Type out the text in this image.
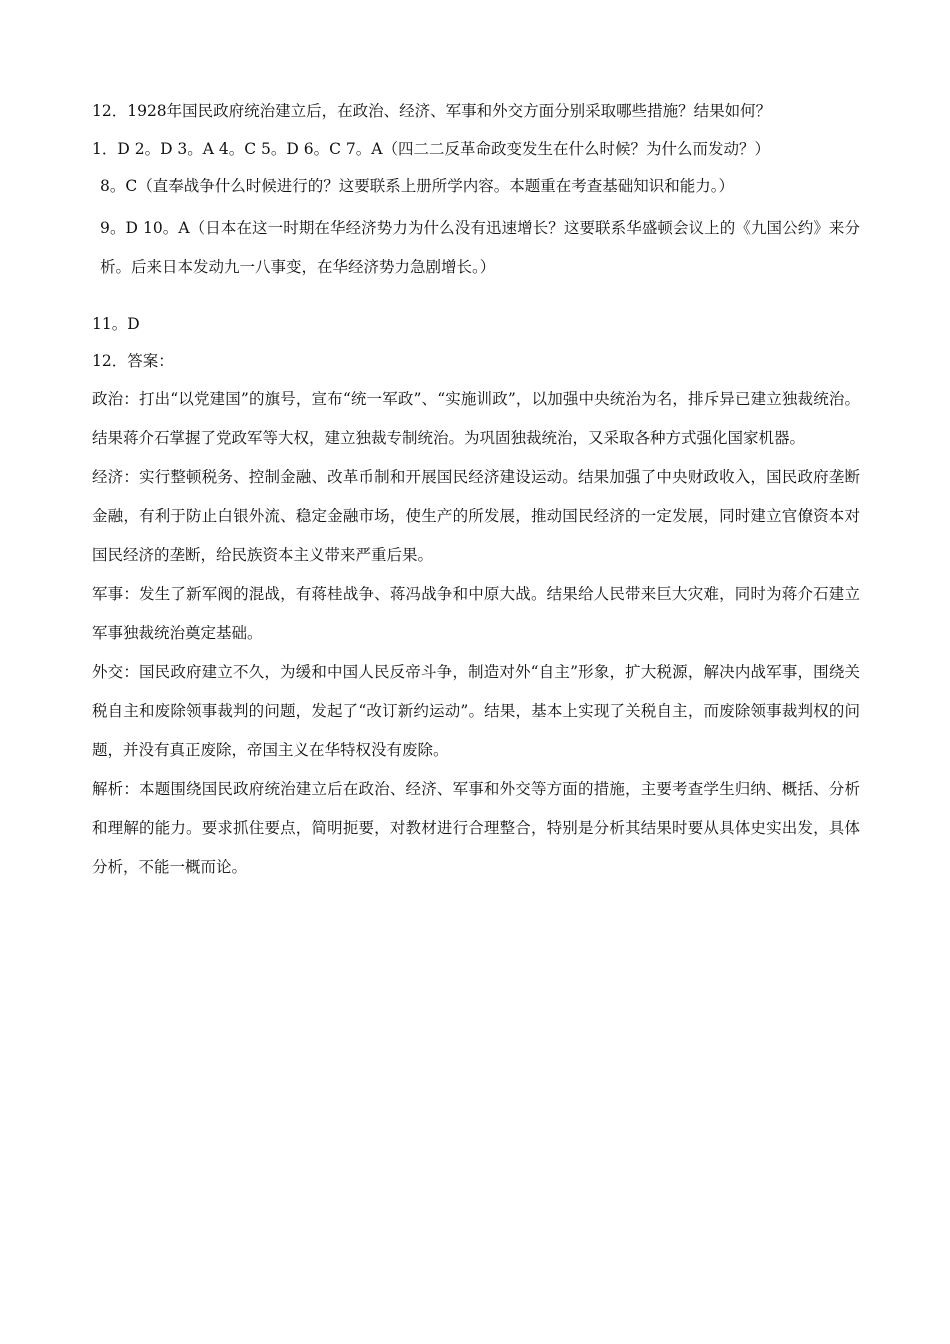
12．1928年国民政府统治建立后，在政治、经济、军事和外交方面分别采取哪些措施？结果如何？
1．D 2。D 3。A 4。C 5。D 6。C 7。A（四二二反革命政变发生在什么时候？为什么而发动？）
8。C（直奉战争什么时候进行的？这要联系上册所学内容。本题重在考查基础知识和能力。）
9。D 10。A（日本在这一时期在华经济势力为什么没有迅速增长？这要联系华盛顿会议上的《九国公约》来分析。后来日本发动九一八事变，在华经济势力急剧增长。）
11。D
12．答案：
政治：打出“以党建国”的旗号，宣布“统一军政”、“实施训政”，以加强中央统治为名，排斥异已建立独裁统治。结果蒋介石掌握了党政军等大权，建立独裁专制统治。为巩固独裁统治，又采取各种方式强化国家机器。
经济：实行整顿税务、控制金融、改革币制和开展国民经济建设运动。结果加强了中央财政收入，国民政府垄断金融，有利于防止白银外流、稳定金融市场，使生产的所发展，推动国民经济的一定发展，同时建立官僚资本对国民经济的垄断，给民族资本主义带来严重后果。
军事：发生了新军阀的混战，有蒋桂战争、蒋冯战争和中原大战。结果给人民带来巨大灾难，同时为蒋介石建立军事独裁统治奠定基础。
外交：国民政府建立不久，为缓和中国人民反帝斗争，制造对外“自主”形象，扩大税源，解决内战军事，围绕关税自主和废除领事裁判的问题，发起了“改订新约运动”。结果，基本上实现了关税自主，而废除领事裁判权的问题，并没有真正废除，帝国主义在华特权没有废除。
解析：本题围绕国民政府统治建立后在政治、经济、军事和外交等方面的措施，主要考查学生归纳、概括、分析和理解的能力。要求抓住要点，简明扼要，对教材进行合理整合，特别是分析其结果时要从具体史实出发，具体分析，不能一概而论。
